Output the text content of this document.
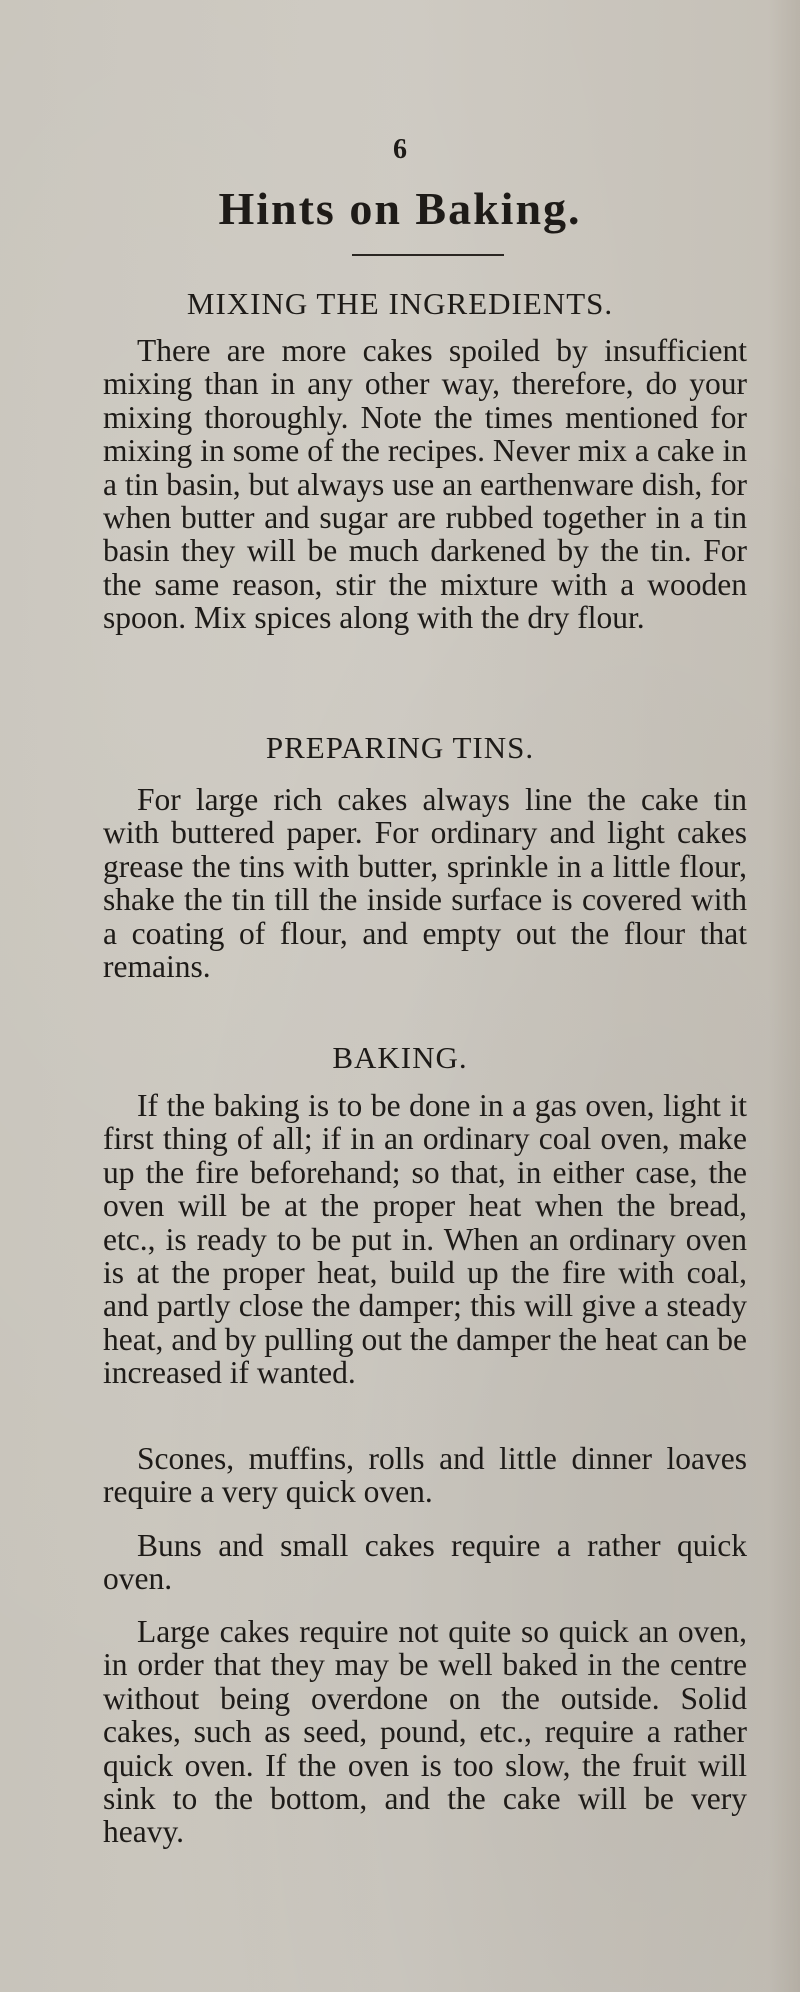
6
Hints on Baking.
MIXING THE INGREDIENTS.

There are more cakes spoiled by insufficient mixing than in any other way, therefore, do your mixing thoroughly. Note the times mentioned for mixing in some of the recipes. Never mix a cake in a tin basin, but always use an earthenware dish, for when butter and sugar are rubbed together in a tin basin they will be much darkened by the tin. For the same reason, stir the mixture with a wooden spoon. Mix spices along with the dry flour.

PREPARING TINS.

For large rich cakes always line the cake tin with buttered paper. For ordinary and light cakes grease the tins with butter, sprinkle in a little flour, shake the tin till the inside surface is covered with a coating of flour, and empty out the flour that remains.

BAKING.

If the baking is to be done in a gas oven, light it first thing of all; if in an ordinary coal oven, make up the fire beforehand; so that, in either case, the oven will be at the proper heat when the bread, etc., is ready to be put in. When an ordinary oven is at the proper heat, build up the fire with coal, and partly close the damper; this will give a steady heat, and by pulling out the damper the heat can be increased if wanted.

Scones, muffins, rolls and little dinner loaves require a very quick oven.

Buns and small cakes require a rather quick oven.

Large cakes require not quite so quick an oven, in order that they may be well baked in the centre without being overdone on the outside. Solid cakes, such as seed, pound, etc., require a rather quick oven. If the oven is too slow, the fruit will sink to the bottom, and the cake will be very heavy.
